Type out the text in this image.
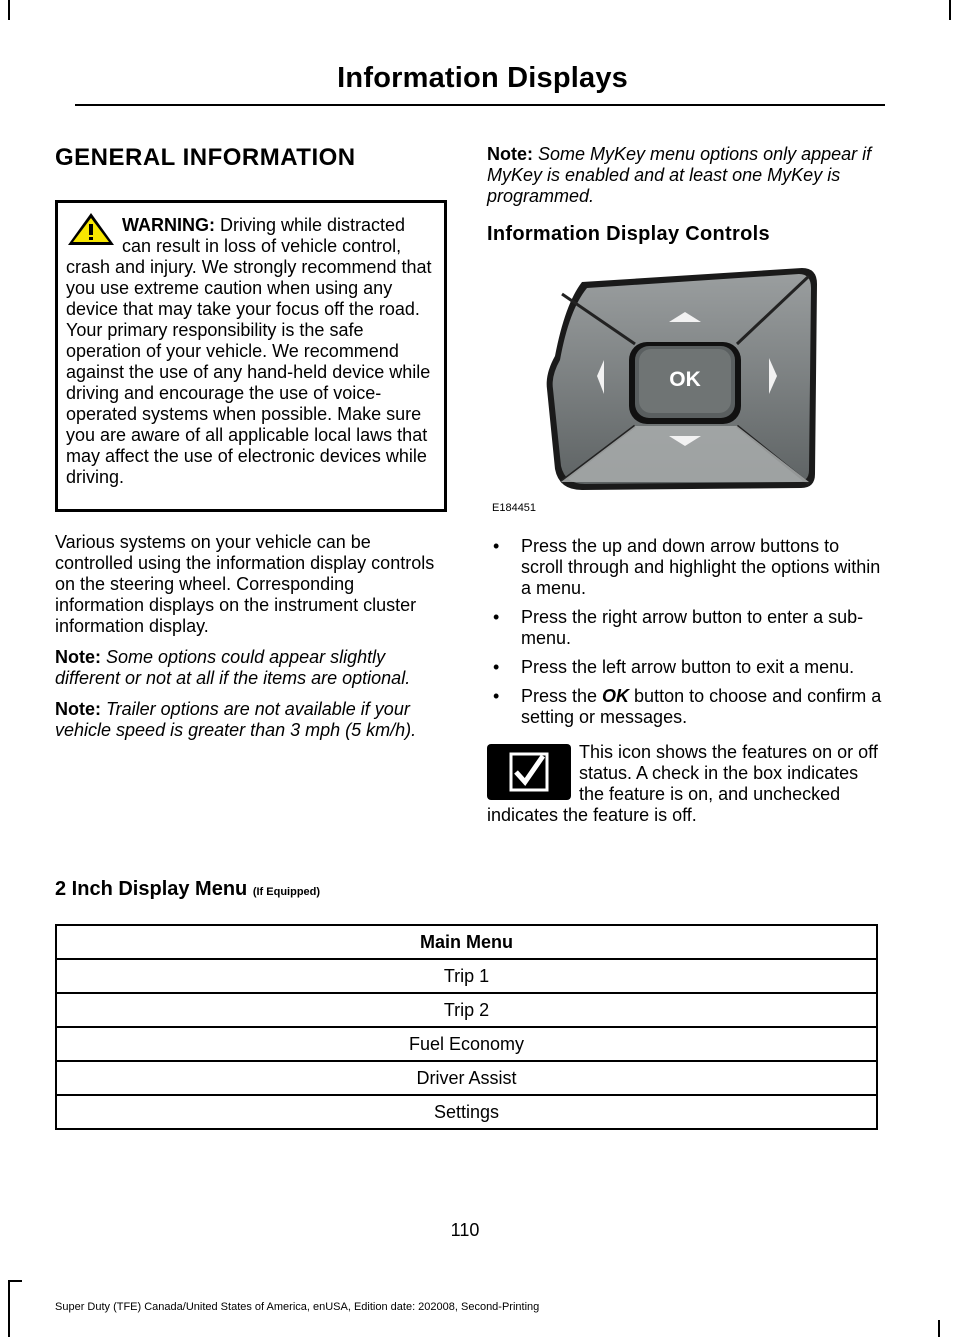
Information Displays
GENERAL INFORMATION
WARNING: Driving while distracted can result in loss of vehicle control, crash and injury. We strongly recommend that you use extreme caution when using any device that may take your focus off the road. Your primary responsibility is the safe operation of your vehicle. We recommend against the use of any hand-held device while driving and encourage the use of voice-operated systems when possible. Make sure you are aware of all applicable local laws that may affect the use of electronic devices while driving.

Various systems on your vehicle can be controlled using the information display controls on the steering wheel. Corresponding information displays on the instrument cluster information display.

Note: Some options could appear slightly different or not at all if the items are optional.

Note: Trailer options are not available if your vehicle speed is greater than 3 mph (5 km/h).

Note: Some MyKey menu options only appear if MyKey is enabled and at least one MyKey is programmed.

Information Display Controls
OK
E184451
• Press the up and down arrow buttons to scroll through and highlight the options within a menu.
• Press the right arrow button to enter a sub-menu.
• Press the left arrow button to exit a menu.
• Press the OK button to choose and confirm a setting or messages.
This icon shows the features on or off status. A check in the box indicates the feature is on, and unchecked indicates the feature is off.
2 Inch Display Menu (If Equipped)
Main Menu
Trip 1
Trip 2
Fuel Economy
Driver Assist
Settings
110
Super Duty (TFE) Canada/United States of America, enUSA, Edition date: 202008, Second-Printing
